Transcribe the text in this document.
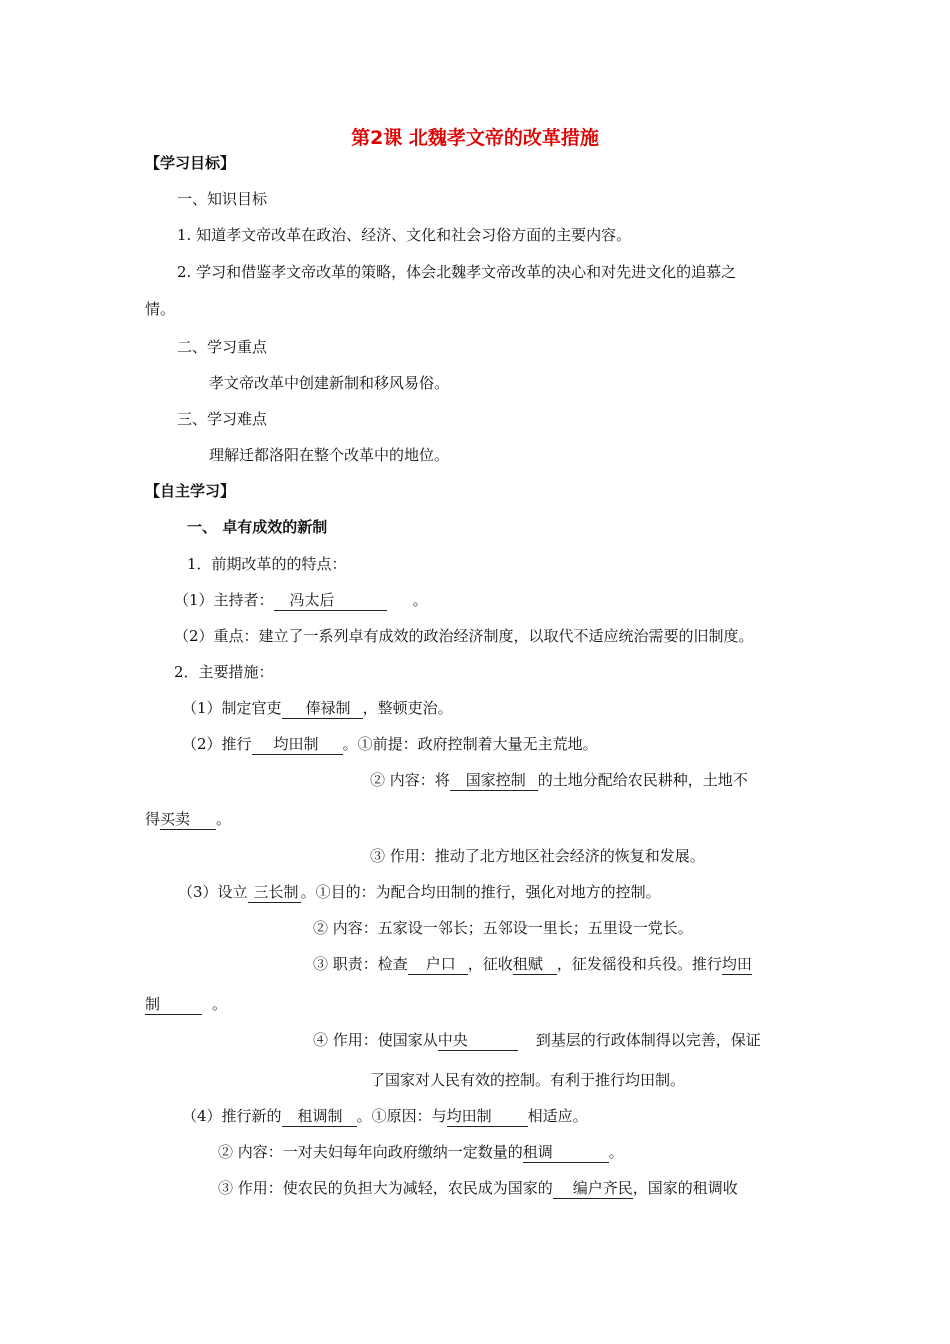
第2课 北魏孝文帝的改革措施
【学习目标】
一、知识目标
1. 知道孝文帝改革在政治、经济、文化和社会习俗方面的主要内容。
2. 学习和借鉴孝文帝改革的策略，体会北魏孝文帝改革的决心和对先进文化的追慕之
情。
二、学习重点
孝文帝改革中创建新制和移风易俗。
三、学习难点
理解迁都洛阳在整个改革中的地位。
【自主学习】
一、 卓有成效的新制
1．前期改革的的特点：
（1）主持者： 冯太后	。
（2）重点：建立了一系列卓有成效的政治经济制度，以取代不适应统治需要的旧制度。
2．主要措施：
（1）制定官吏 俸禄制 ，整顿吏治。
（2）推行 均田制 。①前提：政府控制着大量无主荒地。
② 内容：将 国家控制 的土地分配给农民耕种，土地不
得买卖 。
③ 作用：推动了北方地区社会经济的恢复和发展。
（3）设立 三长制 。①目的：为配合均田制的推行，强化对地方的控制。
② 内容：五家设一邻长；五邻设一里长；五里设一党长。
③ 职责：检查 户口 ，征收租赋 ，征发徭役和兵役。推行均田
制	。
④ 作用：使国家从中央	到基层的行政体制得以完善，保证
了国家对人民有效的控制。有利于推行均田制。
（4）推行新的 租调制 。①原因：与均田制 相适应。
② 内容：一对夫妇每年向政府缴纳一定数量的租调	。
③ 作用：使农民的负担大为减轻，农民成为国家的 编户齐民，国家的租调收
